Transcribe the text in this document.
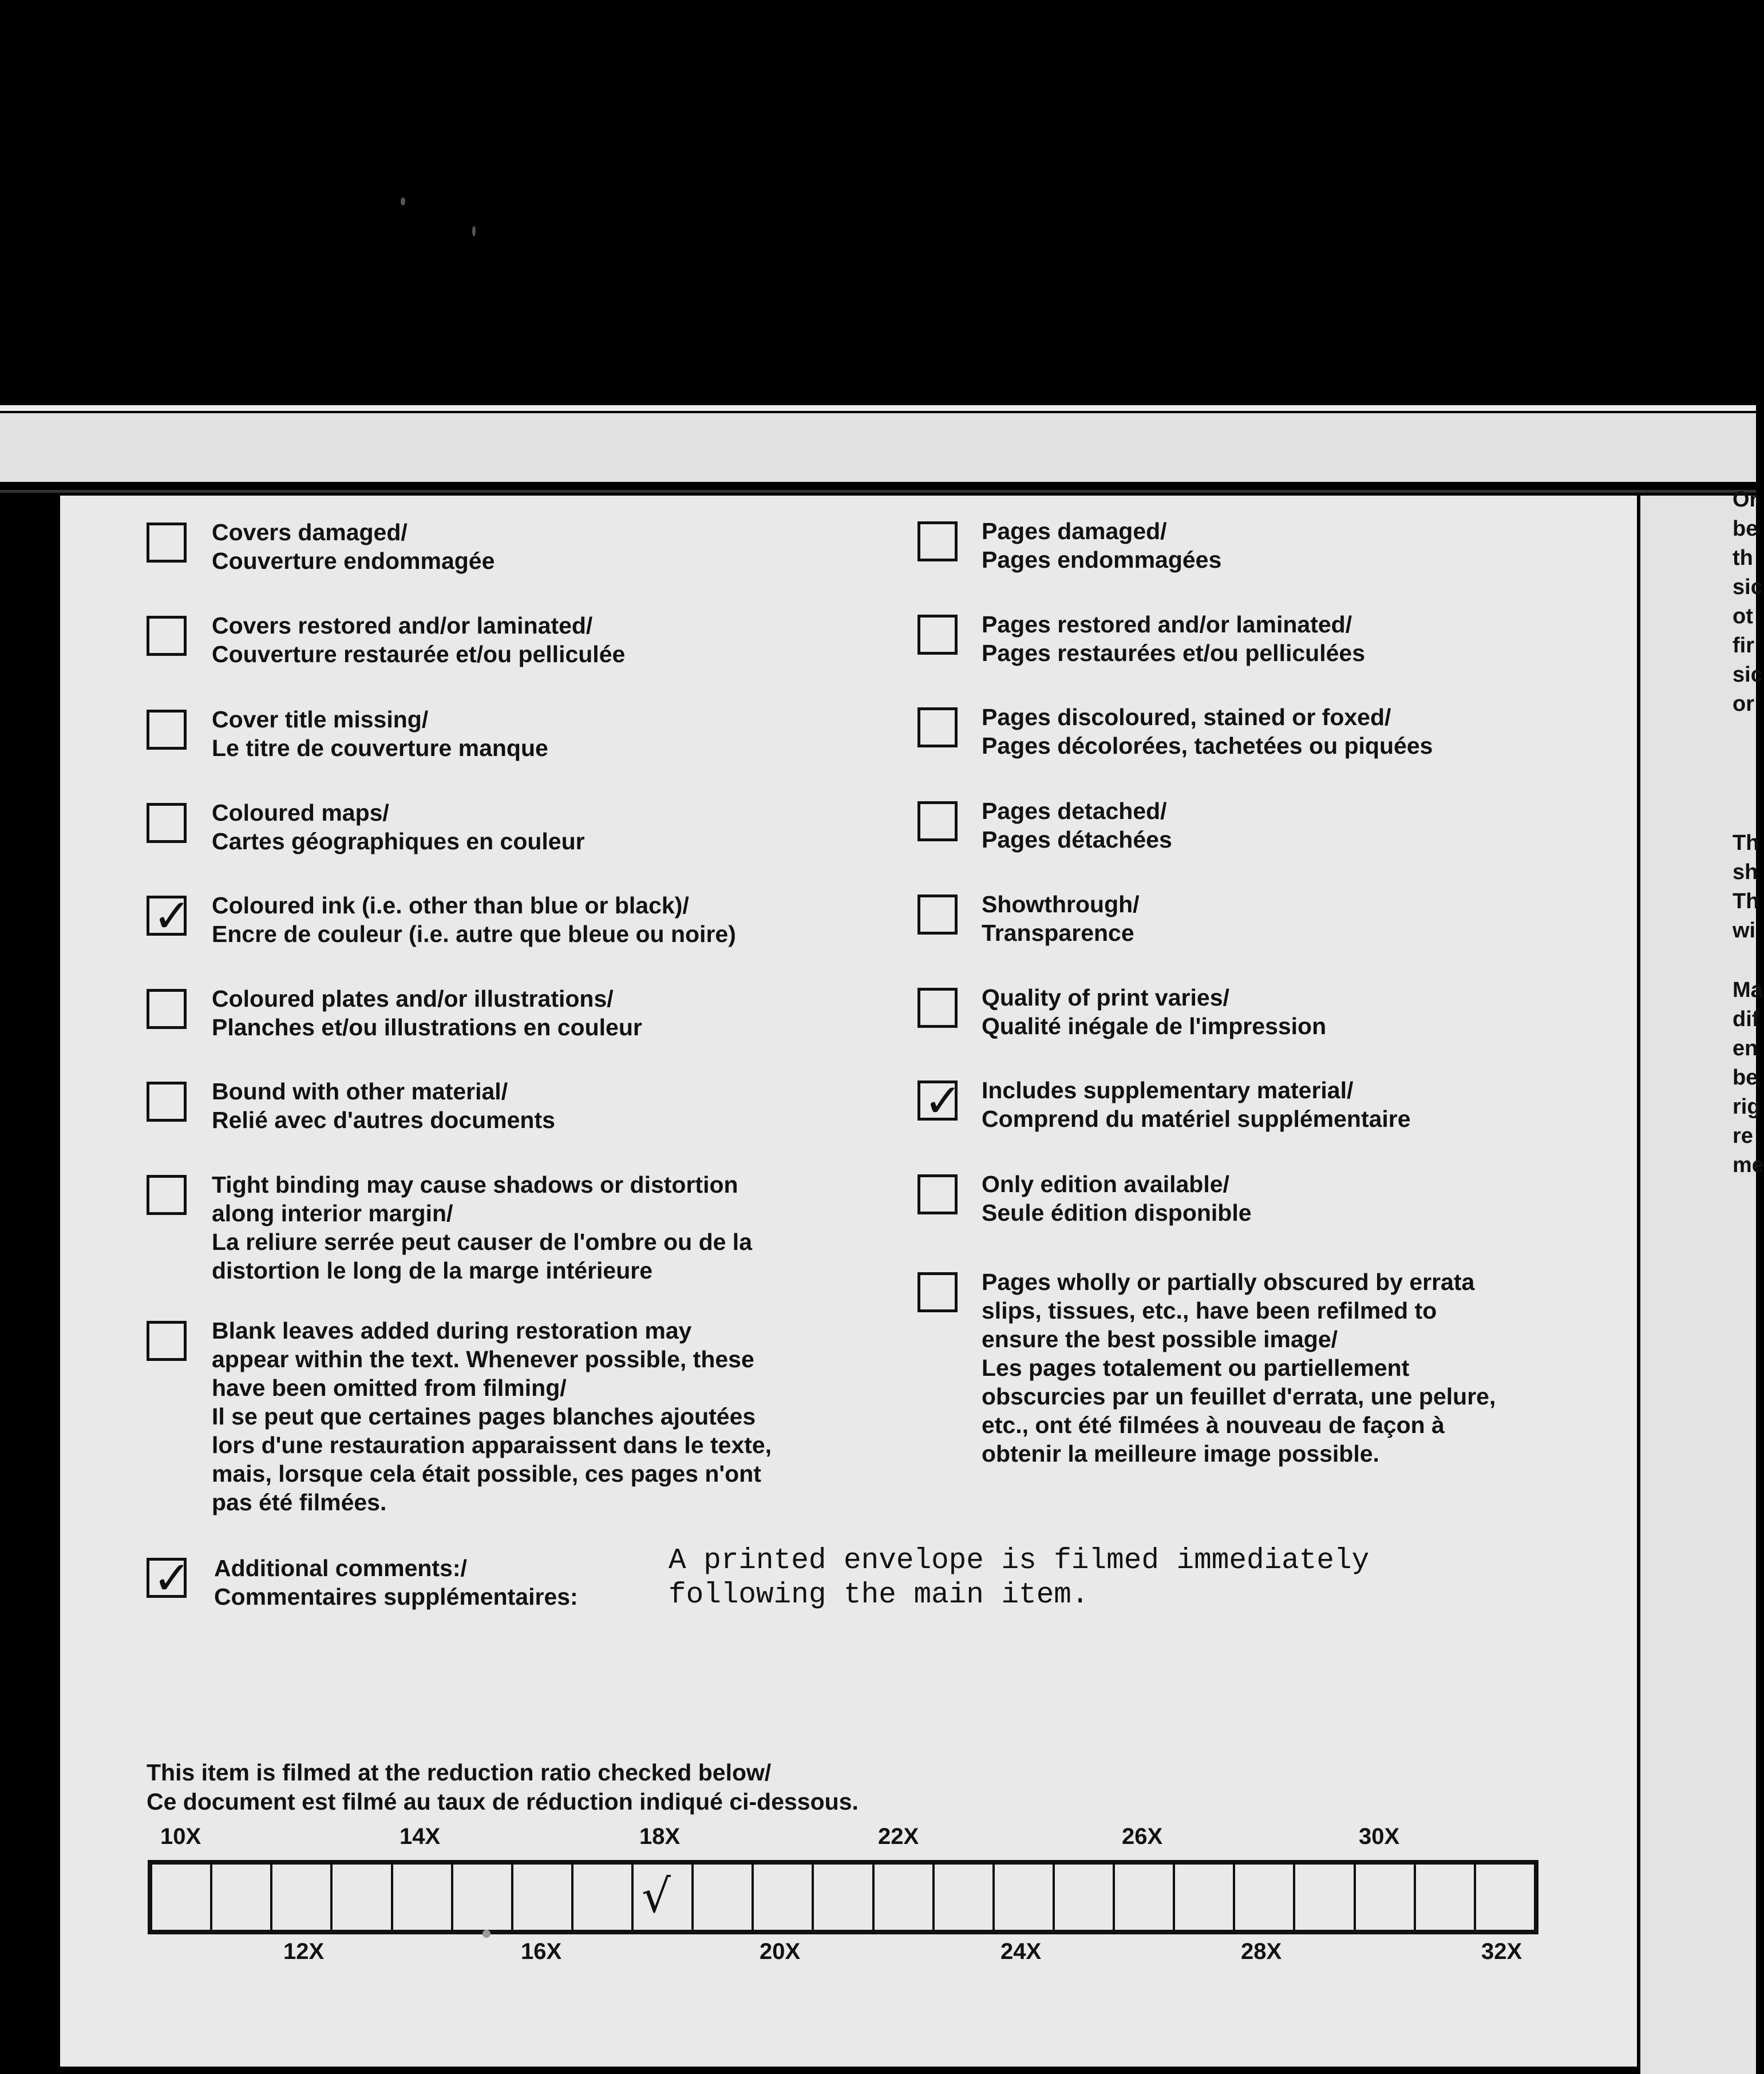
Or
be
th
sic
ot
fir
sic
or
Th
sh
Th
wi
Ma
dif
en
be
rig
re
me
Covers damaged/
Couverture endommagée
Covers restored and/or laminated/
Couverture restaurée et/ou pelliculée
Cover title missing/
Le titre de couverture manque
Coloured maps/
Cartes géographiques en couleur
✓ Coloured ink (i.e. other than blue or black)/
Encre de couleur (i.e. autre que bleue ou noire)
Coloured plates and/or illustrations/
Planches et/ou illustrations en couleur
Bound with other material/
Relié avec d'autres documents
Tight binding may cause shadows or distortion
along interior margin/
La reliure serrée peut causer de l'ombre ou de la
distortion le long de la marge intérieure
Blank leaves added during restoration may
appear within the text. Whenever possible, these
have been omitted from filming/
Il se peut que certaines pages blanches ajoutées
lors d'une restauration apparaissent dans le texte,
mais, lorsque cela était possible, ces pages n'ont
pas été filmées.
Pages damaged/
Pages endommagées
Pages restored and/or laminated/
Pages restaurées et/ou pelliculées
Pages discoloured, stained or foxed/
Pages décolorées, tachetées ou piquées
Pages detached/
Pages détachées
Showthrough/
Transparence
Quality of print varies/
Qualité inégale de l'impression
✓ Includes supplementary material/
Comprend du matériel supplémentaire
Only edition available/
Seule édition disponible
Pages wholly or partially obscured by errata
slips, tissues, etc., have been refilmed to
ensure the best possible image/
Les pages totalement ou partiellement
obscurcies par un feuillet d'errata, une pelure,
etc., ont été filmées à nouveau de façon à
obtenir la meilleure image possible.
✓ Additional comments:/
Commentaires supplémentaires:
A printed envelope is filmed immediately
following the main item.
This item is filmed at the reduction ratio checked below/
Ce document est filmé au taux de réduction indiqué ci-dessous.
10X	14X	18X	22X	26X	30X
√
12X	16X	20X	24X	28X	32X
